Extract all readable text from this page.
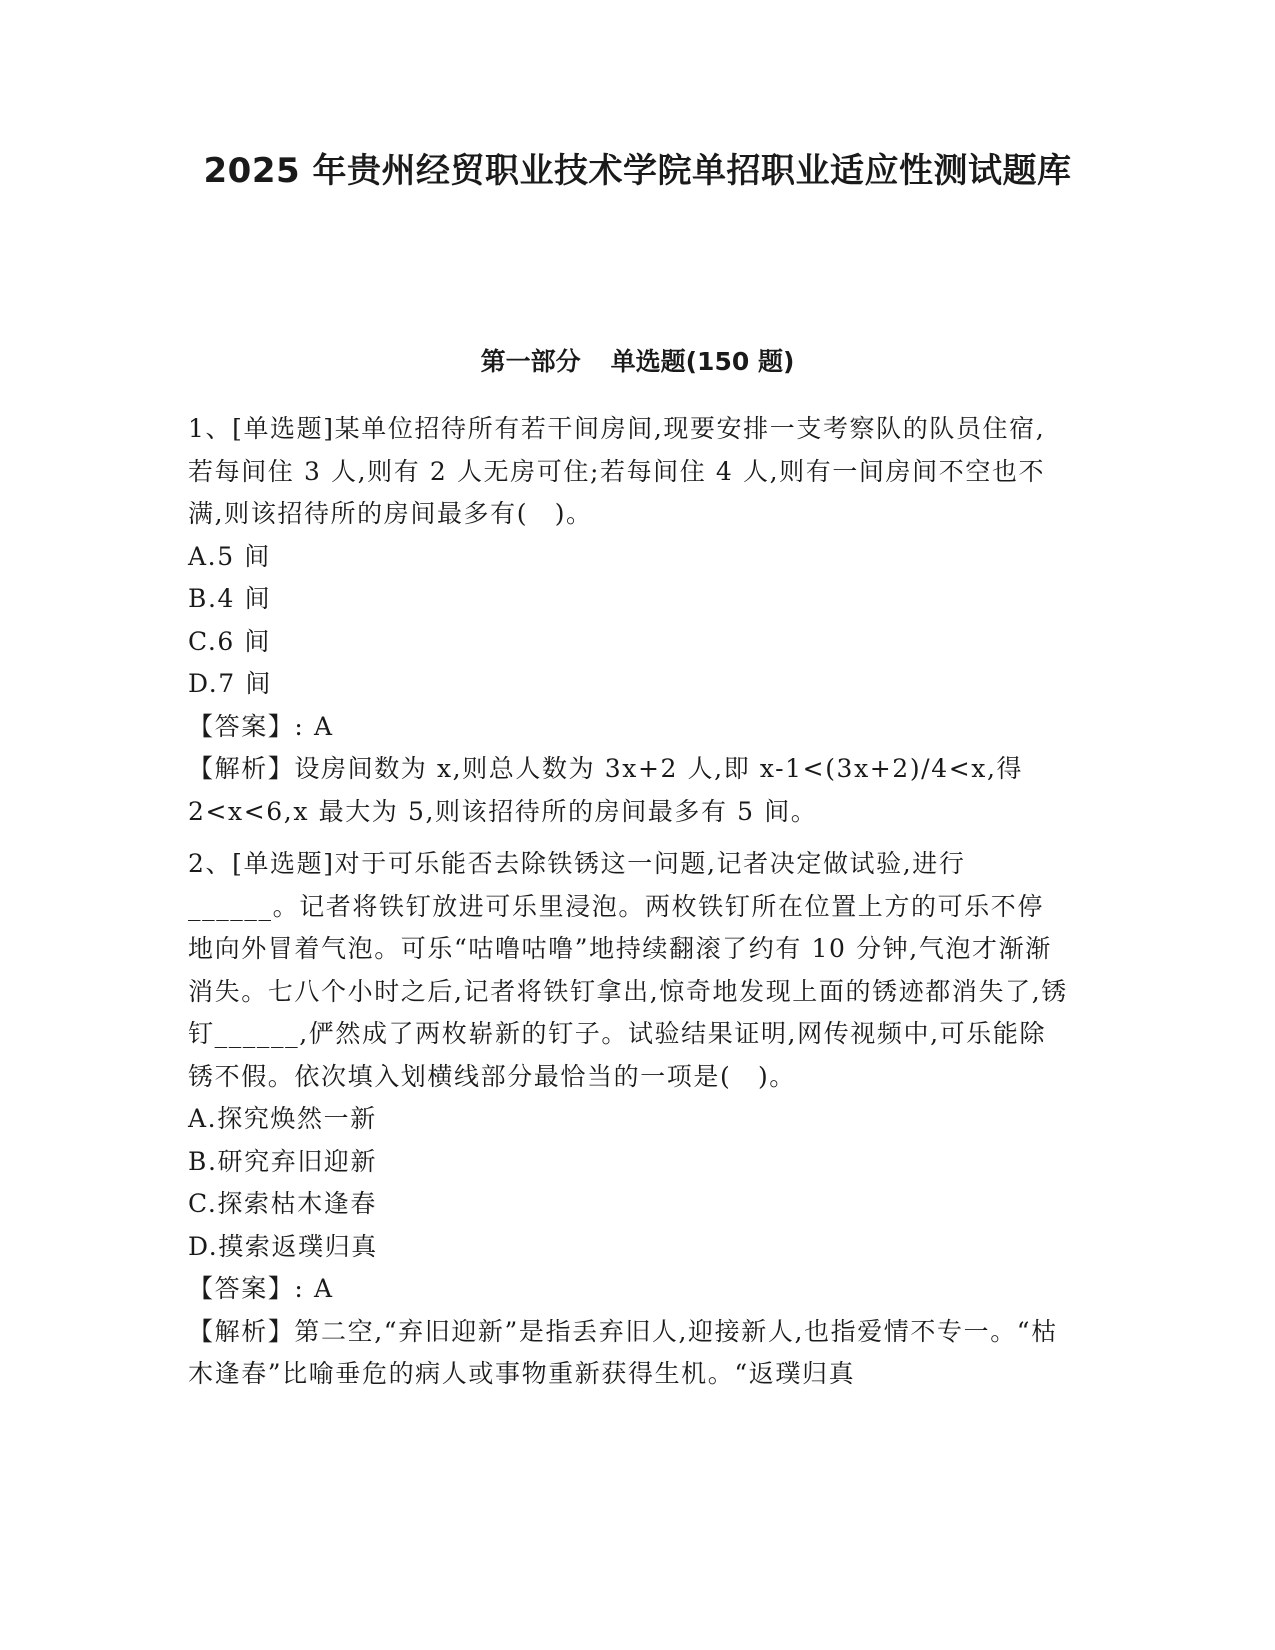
2025 年贵州经贸职业技术学院单招职业适应性测试题库
第一部分 单选题(150 题)

1、[单选题]某单位招待所有若干间房间,现要安排一支考察队的队员住宿,若每间住 3 人,则有 2 人无房可住;若每间住 4 人,则有一间房间不空也不满,则该招待所的房间最多有(　)。

A.5 间

B.4 间

C.6 间

D.7 间

【答案】: A

【解析】设房间数为 x,则总人数为 3x+2 人,即 x-1<(3x+2)/4<x,得 2<x<6,x 最大为 5,则该招待所的房间最多有 5 间。

2、[单选题]对于可乐能否去除铁锈这一问题,记者决定做试验,进行______。记者将铁钉放进可乐里浸泡。两枚铁钉所在位置上方的可乐不停地向外冒着气泡。可乐“咕噜咕噜”地持续翻滚了约有 10 分钟,气泡才渐渐消失。七八个小时之后,记者将铁钉拿出,惊奇地发现上面的锈迹都消失了,锈钉______,俨然成了两枚崭新的钉子。试验结果证明,网传视频中,可乐能除锈不假。依次填入划横线部分最恰当的一项是(　)。

A.探究焕然一新

B.研究弃旧迎新

C.探索枯木逢春

D.摸索返璞归真

【答案】: A

【解析】第二空,“弃旧迎新”是指丢弃旧人,迎接新人,也指爱情不专一。“枯木逢春”比喻垂危的病人或事物重新获得生机。“返璞归真
